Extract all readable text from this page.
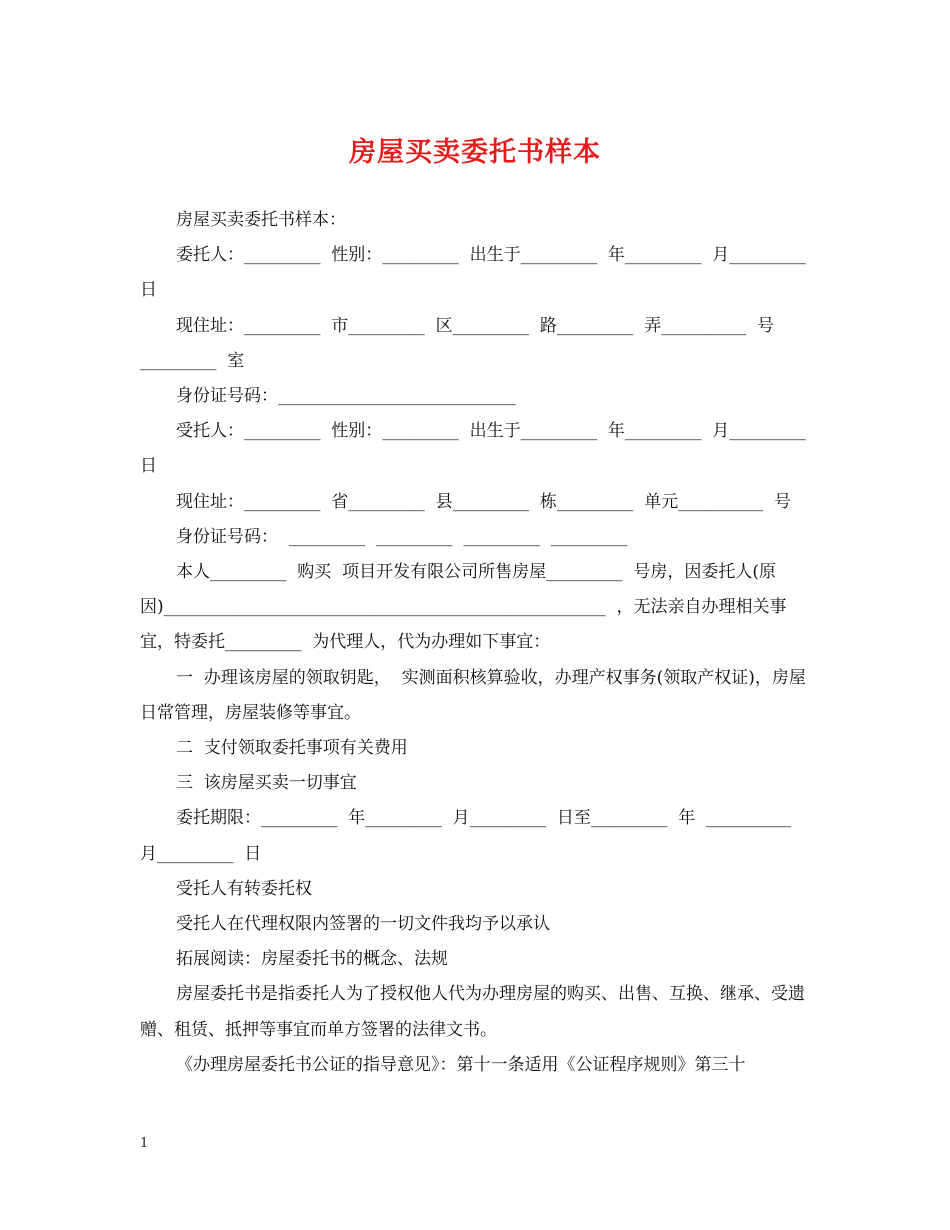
房屋买卖委托书样本

房屋买卖委托书样本：

委托人：_________  性别：_________  出生于_________  年_________  月_________  日

现住址：_________  市_________  区_________  路_________  弄__________  号_________  室

身份证号码：____________________________

受托人：_________  性别：_________  出生于_________  年_________  月_________  日

现住址：_________  省_________  县_________  栋_________  单元__________  号

身份证号码：  _________  _________  _________  _________

本人_________  购买  项目开发有限公司所售房屋_________  号房，因委托人(原因)____________________________________________________  ，无法亲自办理相关事宜，特委托_________  为代理人，代为办理如下事宜：

一  办理该房屋的领取钥匙，  实测面积核算验收，办理产权事务(领取产权证)，房屋日常管理，房屋装修等事宜。

二  支付领取委托事项有关费用

三  该房屋买卖一切事宜

委托期限：_________  年_________  月_________  日至_________  年  __________  月_________  日

受托人有转委托权

受托人在代理权限内签署的一切文件我均予以承认

拓展阅读：房屋委托书的概念、法规

房屋委托书是指委托人为了授权他人代为办理房屋的购买、出售、互换、继承、受遗赠、租赁、抵押等事宜而单方签署的法律文书。

《办理房屋委托书公证的指导意见》：第十一条适用《公证程序规则》第三十

1
